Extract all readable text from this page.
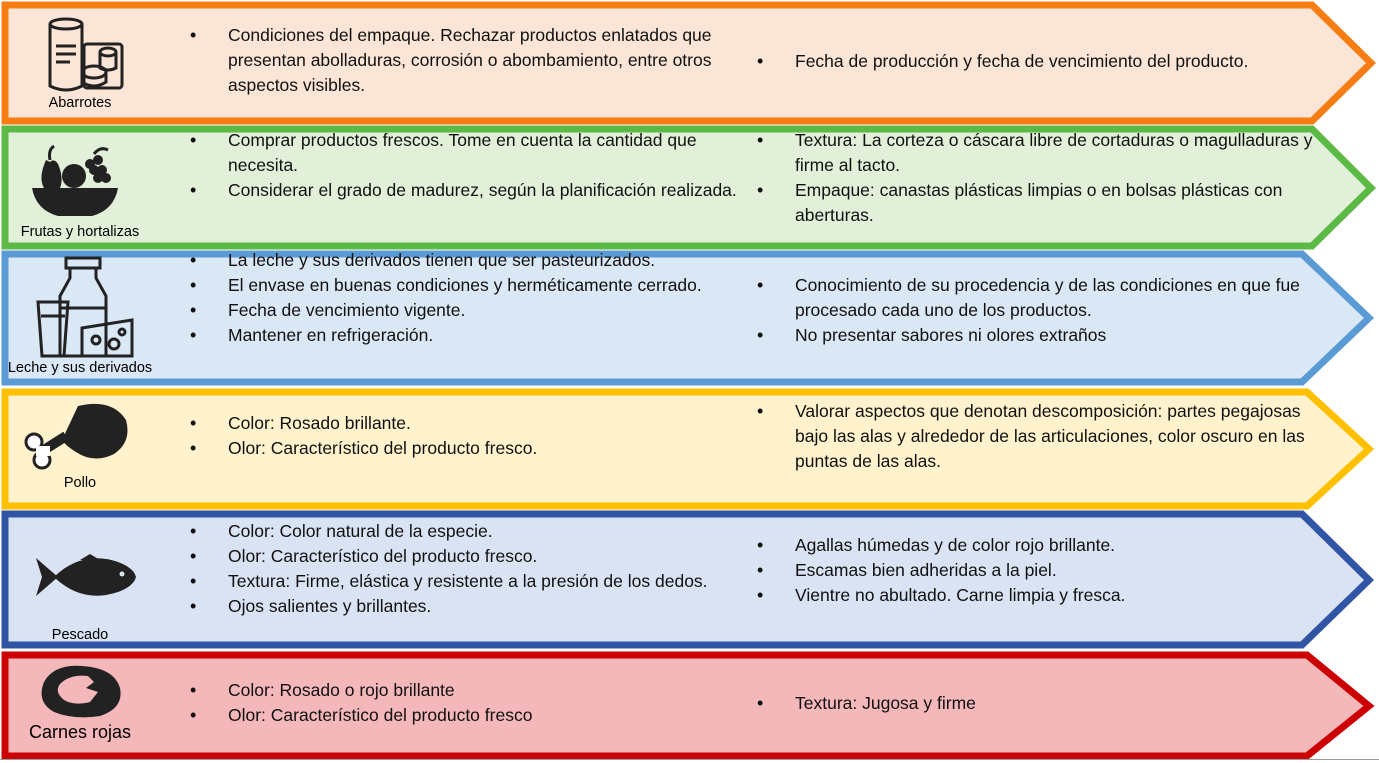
Abarrotes
• Condiciones del empaque. Rechazar productos enlatados que presentan abolladuras, corrosión o abombamiento, entre otros aspectos visibles.
• Fecha de producción y fecha de vencimiento del producto.
Frutas y hortalizas
• Comprar productos frescos. Tome en cuenta la cantidad que necesita.
• Considerar el grado de madurez, según la planificación realizada.
• Textura: La corteza o cáscara libre de cortaduras o magulladuras y firme al tacto.
• Empaque: canastas plásticas limpias o en bolsas plásticas con aberturas.
Leche y sus derivados
• La leche y sus derivados tienen que ser pasteurizados.
• El envase en buenas condiciones y herméticamente cerrado.
• Fecha de vencimiento vigente.
• Mantener en refrigeración.
• Conocimiento de su procedencia y de las condiciones en que fue procesado cada uno de los productos.
• No presentar sabores ni olores extraños
Pollo
• Color: Rosado brillante.
• Olor: Característico del producto fresco.
• Valorar aspectos que denotan descomposición: partes pegajosas bajo las alas y alrededor de las articulaciones, color oscuro en las puntas de las alas.
Pescado
• Color: Color natural de la especie.
• Olor: Característico del producto fresco.
• Textura: Firme, elástica y resistente a la presión de los dedos.
• Ojos salientes y brillantes.
• Agallas húmedas y de color rojo brillante.
• Escamas bien adheridas a la piel.
• Vientre no abultado. Carne limpia y fresca.
Carnes rojas
• Color: Rosado o rojo brillante
• Olor: Característico del producto fresco
• Textura: Jugosa y firme
